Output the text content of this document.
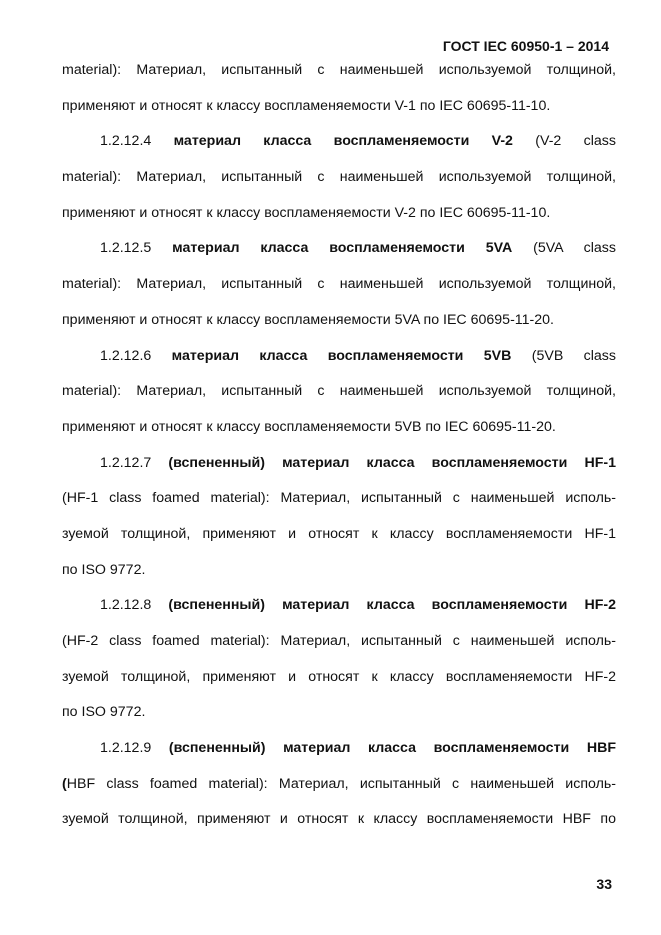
ГОСТ IEC 60950-1 – 2014
material): Материал, испытанный с наименьшей используемой толщиной,
применяют и относят к классу воспламеняемости V-1 по IEC 60695-11-10.
1.2.12.4 материал класса воспламеняемости V-2 (V-2 class
material): Материал, испытанный с наименьшей используемой толщиной,
применяют и относят к классу воспламеняемости V-2 по IEC 60695-11-10.
1.2.12.5 материал класса воспламеняемости 5VA (5VA class
material): Материал, испытанный с наименьшей используемой толщиной,
применяют и относят к классу воспламеняемости 5VA по IEC 60695-11-20.
1.2.12.6 материал класса воспламеняемости 5VB (5VB class
material): Материал, испытанный с наименьшей используемой толщиной,
применяют и относят к классу воспламеняемости 5VB по IEC 60695-11-20.
1.2.12.7 (вспененный) материал класса воспламеняемости HF-1
(HF-1 class foamed material): Материал, испытанный с наименьшей исполь-
зуемой толщиной, применяют и относят к классу воспламеняемости HF-1
по ISO 9772.
1.2.12.8 (вспененный) материал класса воспламеняемости HF-2
(HF-2 class foamed material): Материал, испытанный с наименьшей исполь-
зуемой толщиной, применяют и относят к классу воспламеняемости HF-2
по ISO 9772.
1.2.12.9 (вспененный) материал класса воспламеняемости HBF
(HBF class foamed material): Материал, испытанный с наименьшей исполь-
зуемой толщиной, применяют и относят к классу воспламеняемости HBF по
33
